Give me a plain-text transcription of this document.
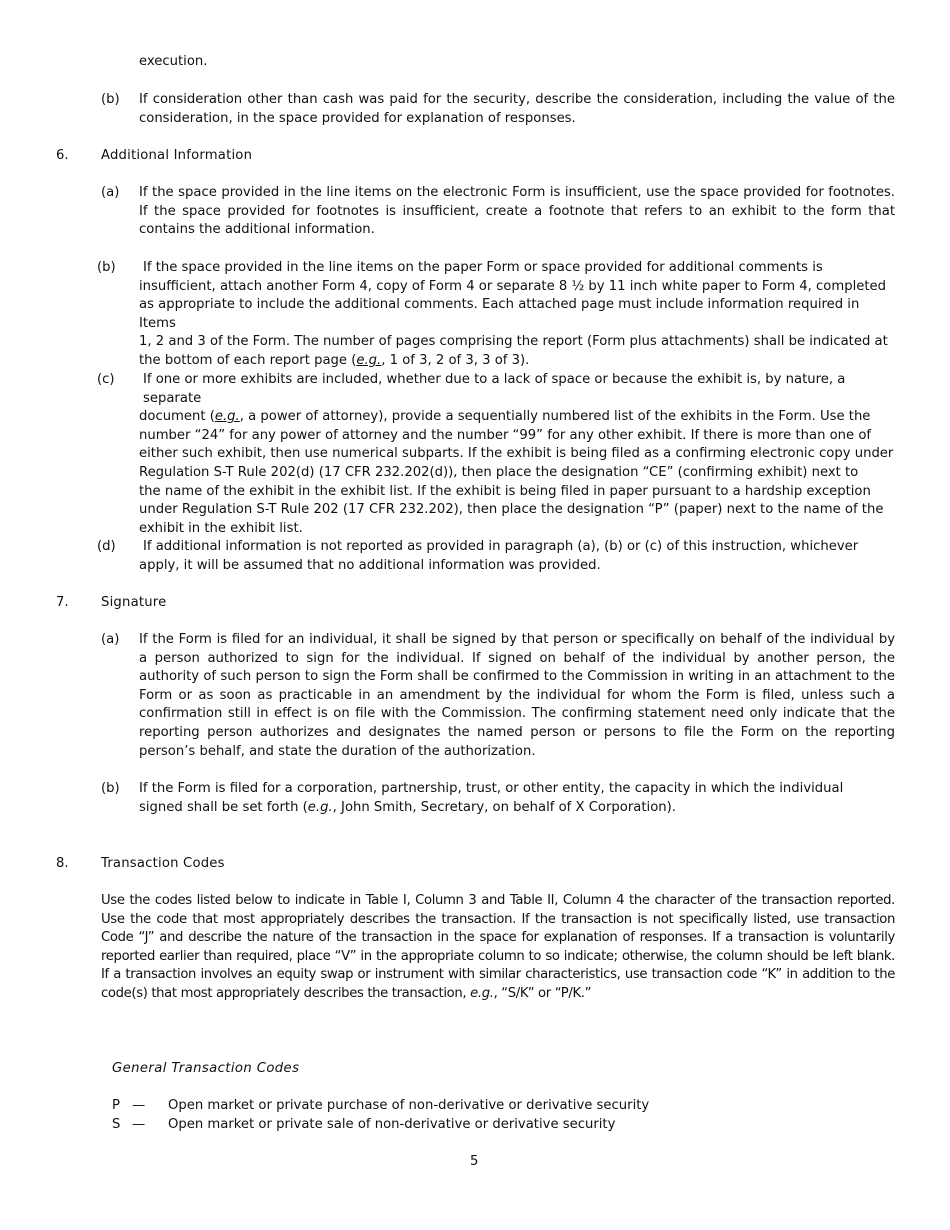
execution.
(b) If consideration other than cash was paid for the security, describe the consideration, including the value of the consideration, in the space provided for explanation of responses.
6. Additional Information
(a) If the space provided in the line items on the electronic Form is insufficient, use the space provided for footnotes. If the space provided for footnotes is insufficient, create a footnote that refers to an exhibit to the form that contains the additional information.
(b)	If the space provided in the line items on the paper Form or space provided for additional comments is
insufficient, attach another Form 4, copy of Form 4 or separate 8 ½ by 11 inch white paper to Form 4, completed
as appropriate to include the additional comments. Each attached page must include information required in Items
1, 2 and 3 of the Form. The number of pages comprising the report (Form plus attachments) shall be indicated at
the bottom of each report page (e.g., 1 of 3, 2 of 3, 3 of 3).
(c)	If one or more exhibits are included, whether due to a lack of space or because the exhibit is, by nature, a separate
document (e.g., a power of attorney), provide a sequentially numbered list of the exhibits in the Form. Use the
number “24” for any power of attorney and the number “99” for any other exhibit. If there is more than one of
either such exhibit, then use numerical subparts. If the exhibit is being filed as a confirming electronic copy under
Regulation S-T Rule 202(d) (17 CFR 232.202(d)), then place the designation “CE” (confirming exhibit) next to
the name of the exhibit in the exhibit list. If the exhibit is being filed in paper pursuant to a hardship exception
under Regulation S-T Rule 202 (17 CFR 232.202), then place the designation “P” (paper) next to the name of the
exhibit in the exhibit list.
(d)	If additional information is not reported as provided in paragraph (a), (b) or (c) of this instruction, whichever
apply, it will be assumed that no additional information was provided.
7. Signature
(a) If the Form is filed for an individual, it shall be signed by that person or specifically on behalf of the individual by a person authorized to sign for the individual. If signed on behalf of the individual by another person, the authority of such person to sign the Form shall be confirmed to the Commission in writing in an attachment to the Form or as soon as practicable in an amendment by the individual for whom the Form is filed, unless such a confirmation still in effect is on file with the Commission. The confirming statement need only indicate that the reporting person authorizes and designates the named person or persons to file the Form on the reporting person’s behalf, and state the duration of the authorization.
(b) If the Form is filed for a corporation, partnership, trust, or other entity, the capacity in which the individual
signed shall be set forth (e.g., John Smith, Secretary, on behalf of X Corporation).
8. Transaction Codes
Use the codes listed below to indicate in Table I, Column 3 and Table II, Column 4 the character of the transaction reported. Use the code that most appropriately describes the transaction. If the transaction is not specifically listed, use transaction Code “J” and describe the nature of the transaction in the space for explanation of responses. If a transaction is voluntarily reported earlier than required, place “V” in the appropriate column to so indicate; otherwise, the column should be left blank. If a transaction involves an equity swap or instrument with similar characteristics, use transaction code “K” in addition to the code(s) that most appropriately describes the transaction, e.g., “S/K” or “P/K.”
General Transaction Codes
P — Open market or private purchase of non-derivative or derivative security
S — Open market or private sale of non-derivative or derivative security
5
